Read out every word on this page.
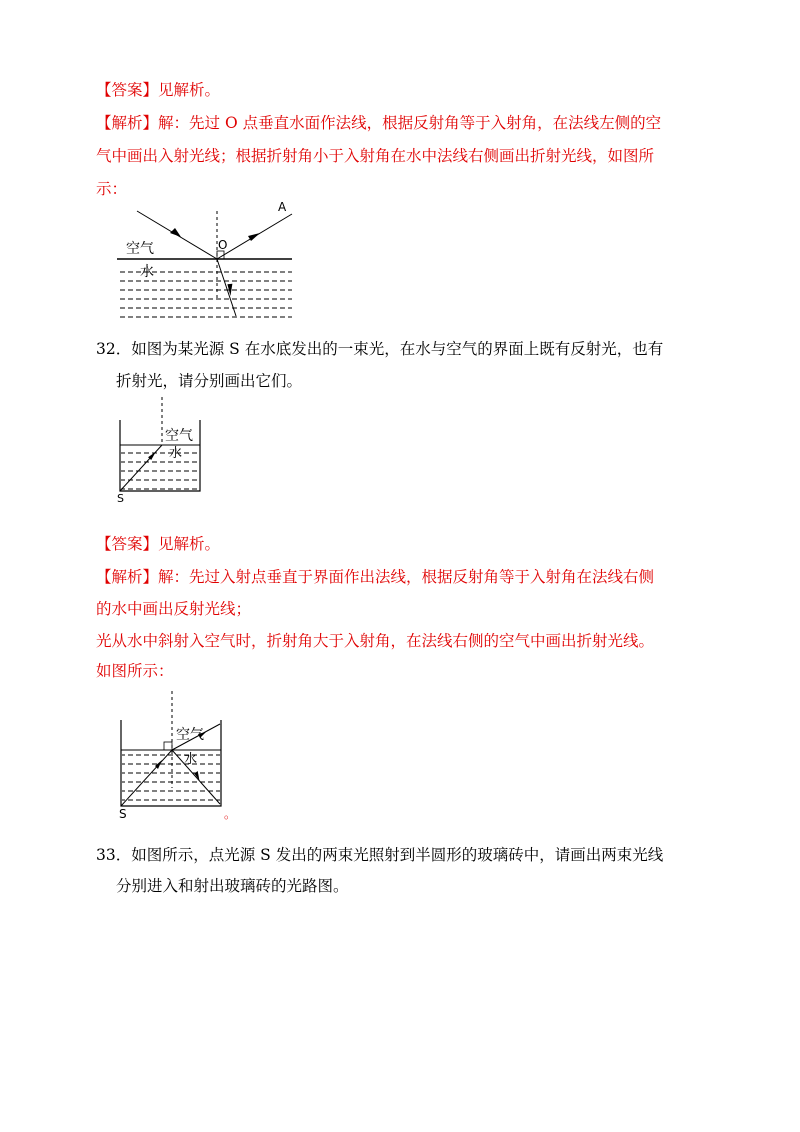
【答案】见解析。
【解析】解：先过 O 点垂直水面作法线，根据反射角等于入射角，在法线左侧的空
气中画出入射光线；根据折射角小于入射角在水中法线右侧画出折射光线，如图所
示：
空气
水
O
A
32．如图为某光源 S 在水底发出的一束光，在水与空气的界面上既有反射光，也有
折射光，请分别画出它们。
空气
水
S
【答案】见解析。
【解析】解：先过入射点垂直于界面作出法线，根据反射角等于入射角在法线右侧
的水中画出反射光线；
光从水中斜射入空气时，折射角大于入射角，在法线右侧的空气中画出折射光线。
如图所示：
空气
水
S	。
33．如图所示，点光源 S 发出的两束光照射到半圆形的玻璃砖中，请画出两束光线
分别进入和射出玻璃砖的光路图。
